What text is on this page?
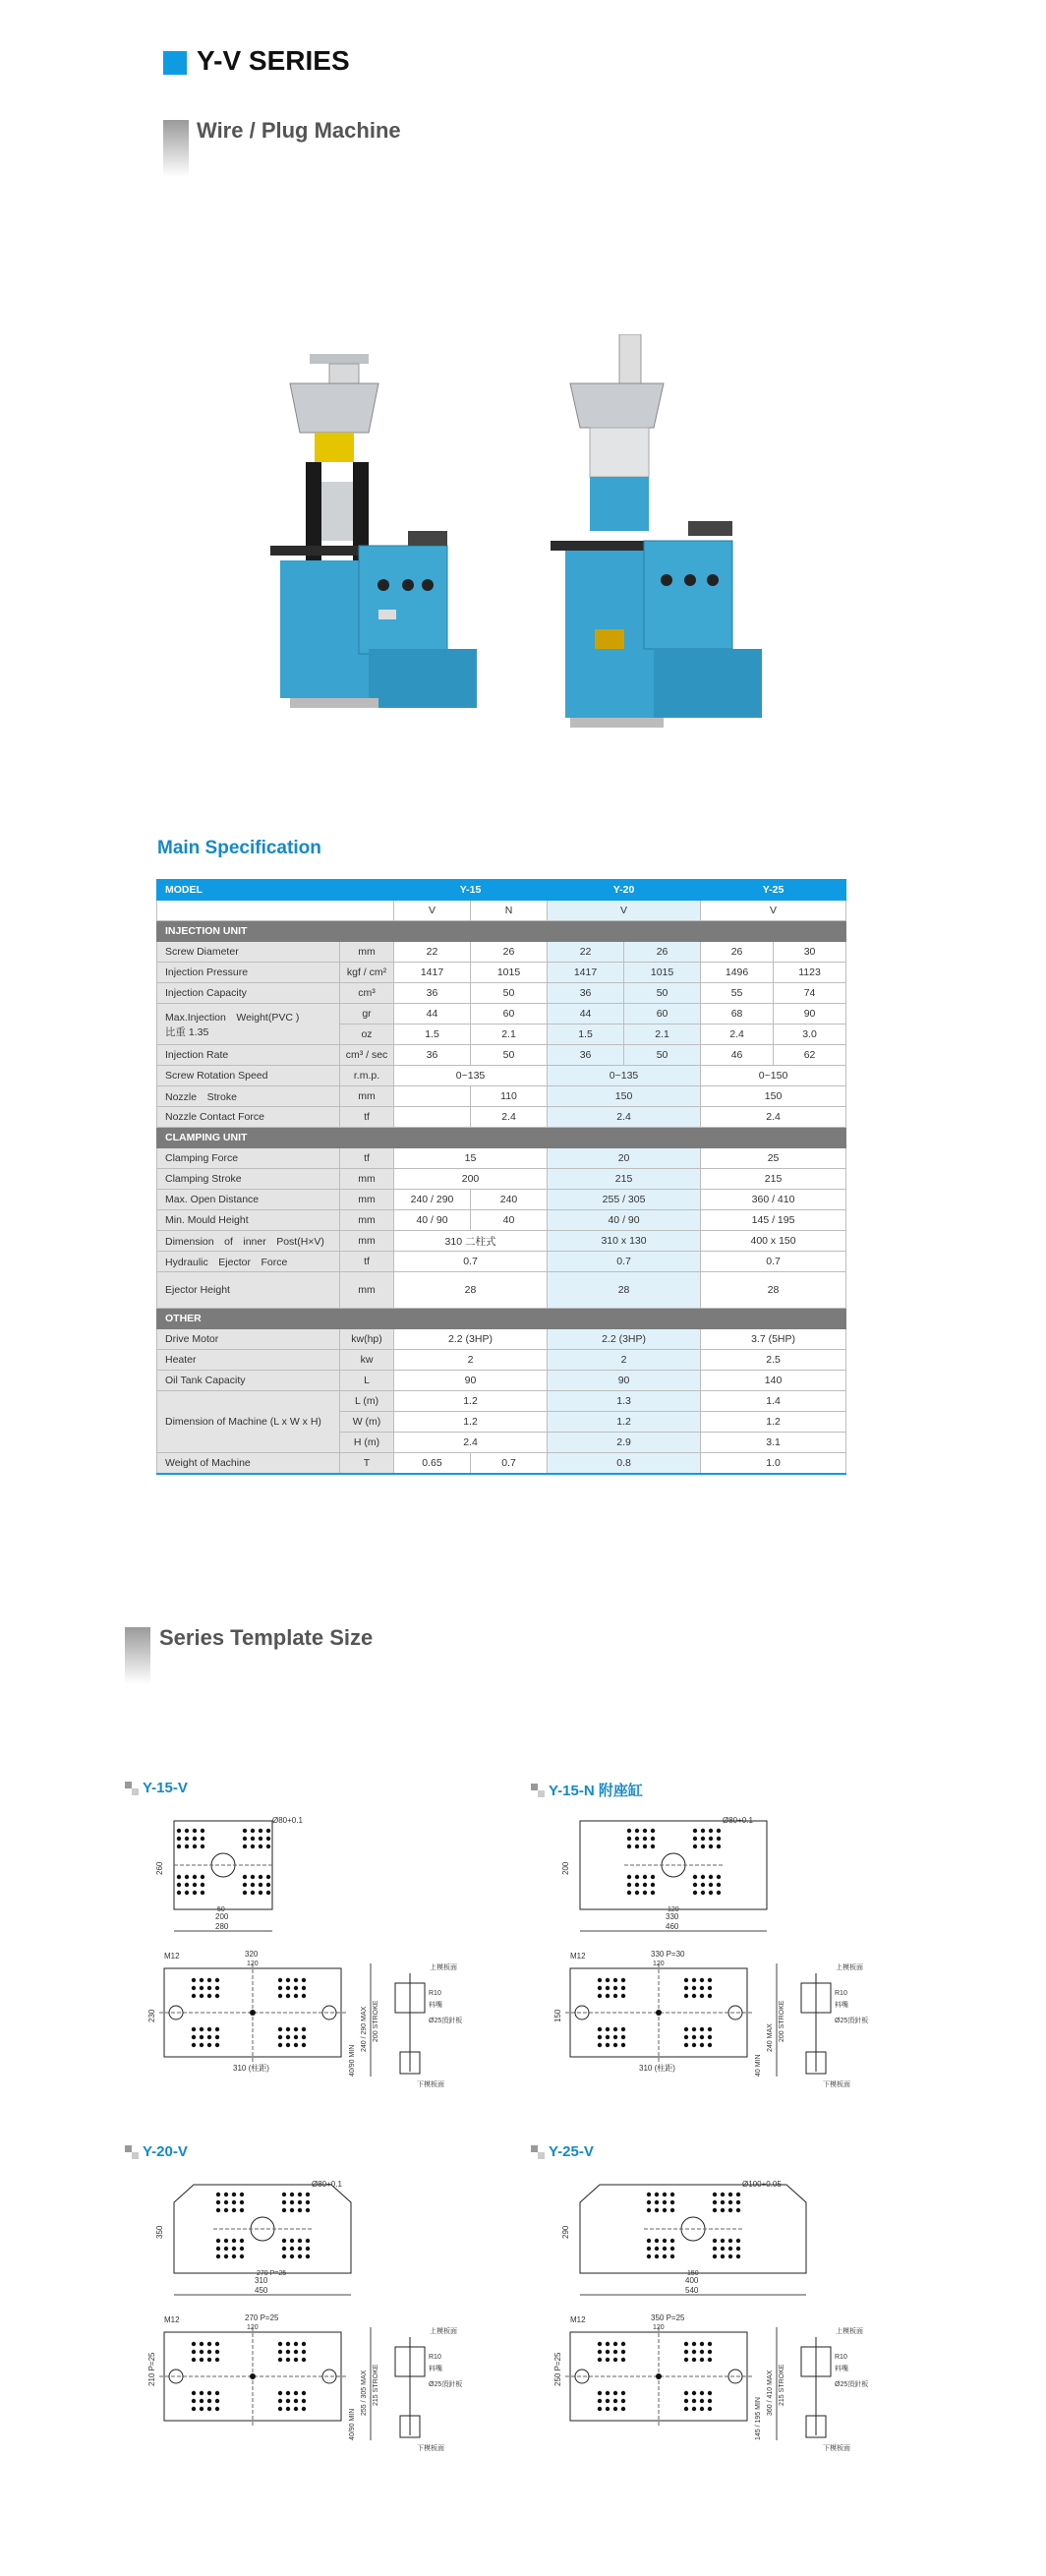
Y-V SERIES
Wire / Plug Machine
Main Specification
MODEL		Y-15		Y-20		Y-25	
		V	N	V		V	
INJECTION UNIT							
Screw Diameter	mm	22	26	22	26	26	30
Injection Pressure	kgf / cm²	1417	1015	1417	1015	1496	1123
Injection Capacity	cm³	36	50	36	50	55	74
Max.Injection　Weight(PVC )
比重 1.35	gr	44	60	44	60	68	90
	oz	1.5	2.1	1.5	2.1	2.4	3.0
Injection Rate	cm³ / sec	36	50	36	50	46	62
Screw Rotation Speed	r.m.p.	0~135		0~135		0~150	
Nozzle　Stroke	mm		110	150		150	
Nozzle Contact Force	tf		2.4	2.4		2.4	
CLAMPING UNIT							
Clamping Force	tf	15		20		25	
Clamping Stroke	mm	200		215		215	
Max. Open Distance	mm	240 / 290	240	255 / 305		360 / 410	
Min. Mould Height	mm	40 / 90	40	40 / 90		145 / 195	
Dimension　of　inner　Post(H×V)	mm	310 二柱式		310 x 130		400 x 150	
Hydraulic　Ejector　Force	tf	0.7		0.7		0.7	
Ejector Height	mm	28		28		28	
OTHER							
Drive Motor	kw(hp)	2.2 (3HP)		2.2 (3HP)		3.7 (5HP)	
Heater	kw	2		2		2.5	
Oil Tank Capacity	L	90		90		140	
Dimension of Machine (L x W x H)	L (m)	1.2		1.3		1.4	
	W (m)	1.2		1.2		1.2	
	H (m)	2.4		2.9		3.1	
Weight of Machine	T	0.65	0.7	0.8		1.0	
Series Template Size
Y-15-V
280
200
260
Ø80+0.1
50
320
120
230
M12
310 (柱距)
上模板面
下模板面
240 / 290 MAX 200 STROKE
40/90 MIN
R10
料嘴
Ø25頂針板
Y-15-N 附座缸
460
330
200
Ø80+0.1
120
330 P=30
120
150
M12
310 (柱距)
上模板面
下模板面
240 MAX 200 STROKE
40 MIN
R10
料嘴
Ø25頂針板
Y-20-V
450
310
350
Ø80+0.1
270 P=25
270 P=25
120
210 P=25
M12
上模板面
下模板面
255 / 305 MAX 215 STROKE
40/90 MIN
R10
料嘴
Ø25頂針板
Y-25-V
540
400
290
Ø100+0.05
150
350 P=25
120
250 P=25
M12
上模板面
下模板面
360 / 410 MAX 215 STROKE
145 / 195 MIN
R10
料嘴
Ø25頂針板
